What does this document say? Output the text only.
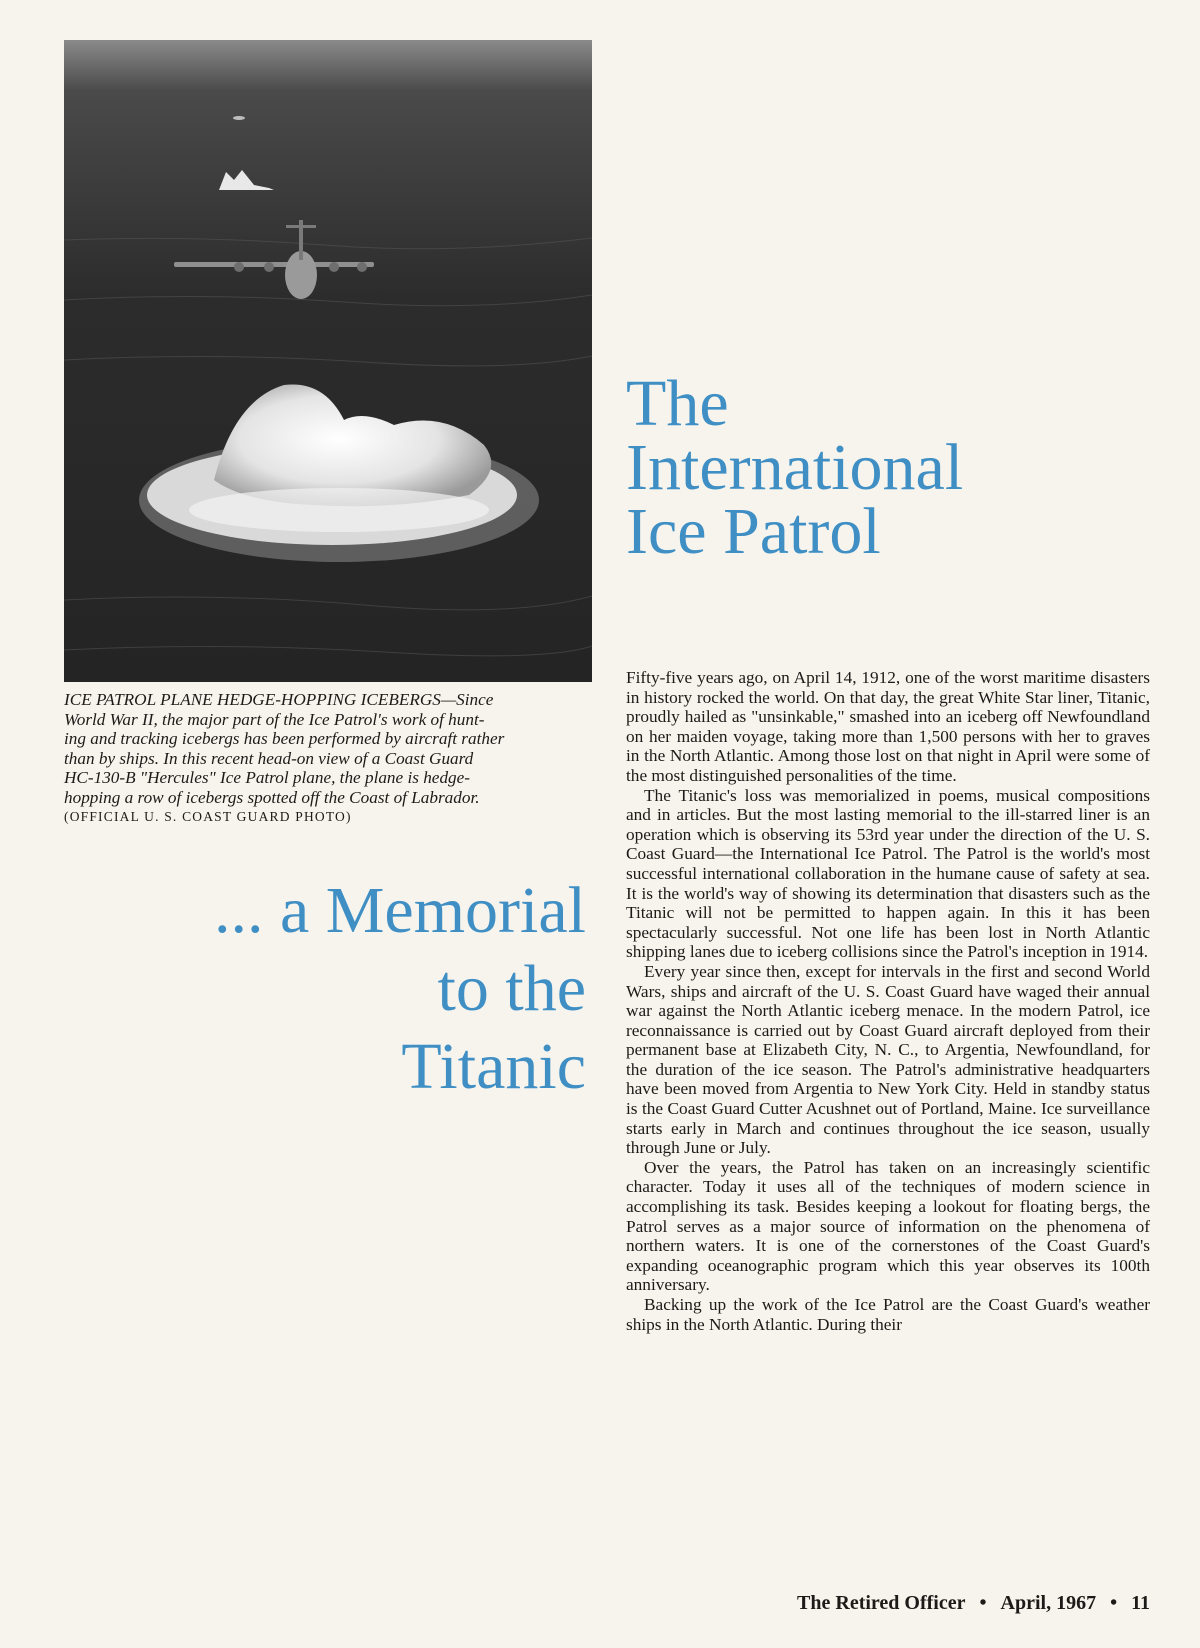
ICE PATROL PLANE HEDGE-HOPPING ICEBERGS—Since
World War II, the major part of the Ice Patrol's work of hunt-
ing and tracking icebergs has been performed by aircraft rather
than by ships. In this recent head-on view of a Coast Guard
HC-130-B "Hercules" Ice Patrol plane, the plane is hedge-
hopping a row of icebergs spotted off the Coast of Labrador.
(OFFICIAL U. S. COAST GUARD PHOTO)
... a Memorial
to the
Titanic
The
International
Ice Patrol

Fifty-five years ago, on April 14, 1912, one of the worst maritime disasters in history rocked the world. On that day, the great White Star liner, Titanic, proudly hailed as "unsinkable," smashed into an iceberg off Newfoundland on her maiden voyage, taking more than 1,500 persons with her to graves in the North Atlantic. Among those lost on that night in April were some of the most distinguished personalities of the time.

The Titanic's loss was memorialized in poems, musical compositions and in articles. But the most lasting memorial to the ill-starred liner is an operation which is observing its 53rd year under the direction of the U. S. Coast Guard—the International Ice Patrol. The Patrol is the world's most successful international collaboration in the humane cause of safety at sea. It is the world's way of showing its determination that disasters such as the Titanic will not be permitted to happen again. In this it has been spectacularly successful. Not one life has been lost in North Atlantic shipping lanes due to iceberg collisions since the Patrol's inception in 1914.

Every year since then, except for intervals in the first and second World Wars, ships and aircraft of the U. S. Coast Guard have waged their annual war against the North Atlantic iceberg menace. In the modern Patrol, ice reconnaissance is carried out by Coast Guard aircraft deployed from their permanent base at Elizabeth City, N. C., to Argentia, Newfoundland, for the duration of the ice season. The Patrol's administrative headquarters have been moved from Argentia to New York City. Held in standby status is the Coast Guard Cutter Acushnet out of Portland, Maine. Ice surveillance starts early in March and continues throughout the ice season, usually through June or July.

Over the years, the Patrol has taken on an increasingly scientific character. Today it uses all of the techniques of modern science in accomplishing its task. Besides keeping a lookout for floating bergs, the Patrol serves as a major source of information on the phenomena of northern waters. It is one of the cornerstones of the Coast Guard's expanding oceanographic program which this year observes its 100th anniversary.

Backing up the work of the Ice Patrol are the Coast Guard's weather ships in the North Atlantic. During their

The Retired Officer • April, 1967 • 11
